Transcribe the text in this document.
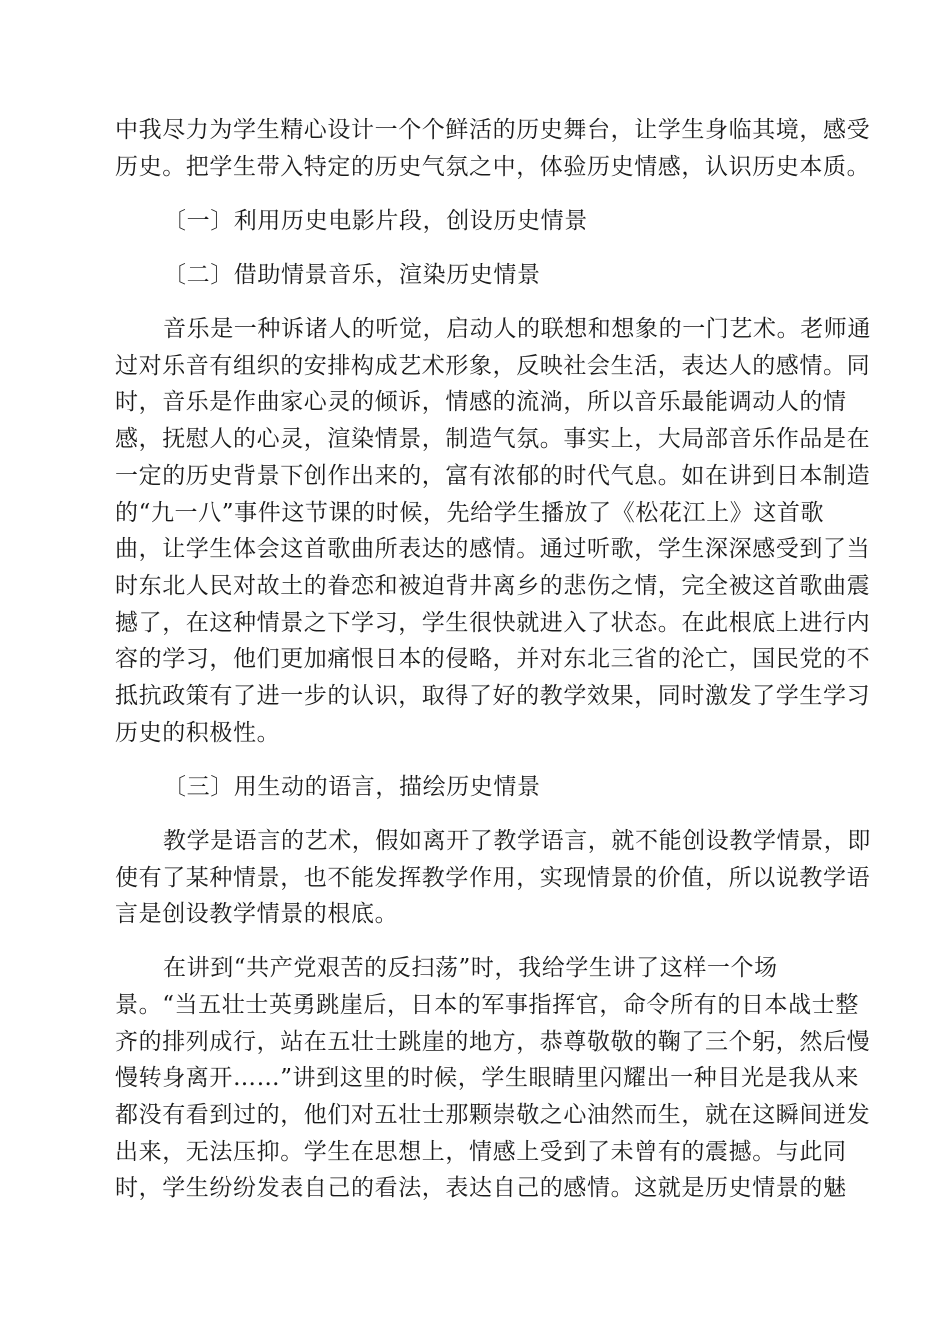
中我尽力为学生精心设计一个个鲜活的历史舞台，让学生身临其境，感受
历史。把学生带入特定的历史气氛之中，体验历史情感，认识历史本质。
〔一〕利用历史电影片段，创设历史情景
〔二〕借助情景音乐，渲染历史情景
音乐是一种诉诸人的听觉，启动人的联想和想象的一门艺术。老师通
过对乐音有组织的安排构成艺术形象，反映社会生活，表达人的感情。同
时，音乐是作曲家心灵的倾诉，情感的流淌，所以音乐最能调动人的情
感，抚慰人的心灵，渲染情景，制造气氛。事实上，大局部音乐作品是在
一定的历史背景下创作出来的，富有浓郁的时代气息。如在讲到日本制造
的“九一八”事件这节课的时候，先给学生播放了《松花江上》这首歌
曲，让学生体会这首歌曲所表达的感情。通过听歌，学生深深感受到了当
时东北人民对故土的眷恋和被迫背井离乡的悲伤之情，完全被这首歌曲震
撼了，在这种情景之下学习，学生很快就进入了状态。在此根底上进行内
容的学习，他们更加痛恨日本的侵略，并对东北三省的沦亡，国民党的不
抵抗政策有了进一步的认识，取得了好的教学效果，同时激发了学生学习
历史的积极性。
〔三〕用生动的语言，描绘历史情景
教学是语言的艺术，假如离开了教学语言，就不能创设教学情景，即
使有了某种情景，也不能发挥教学作用，实现情景的价值，所以说教学语
言是创设教学情景的根底。
在讲到“共产党艰苦的反扫荡”时，我给学生讲了这样一个场
景。“当五壮士英勇跳崖后，日本的军事指挥官，命令所有的日本战士整
齐的排列成行，站在五壮士跳崖的地方，恭尊敬敬的鞠了三个躬，然后慢
慢转身离开……”讲到这里的时候，学生眼睛里闪耀出一种目光是我从来
都没有看到过的，他们对五壮士那颗崇敬之心油然而生，就在这瞬间迸发
出来，无法压抑。学生在思想上，情感上受到了未曾有的震撼。与此同
时，学生纷纷发表自己的看法，表达自己的感情。这就是历史情景的魅
